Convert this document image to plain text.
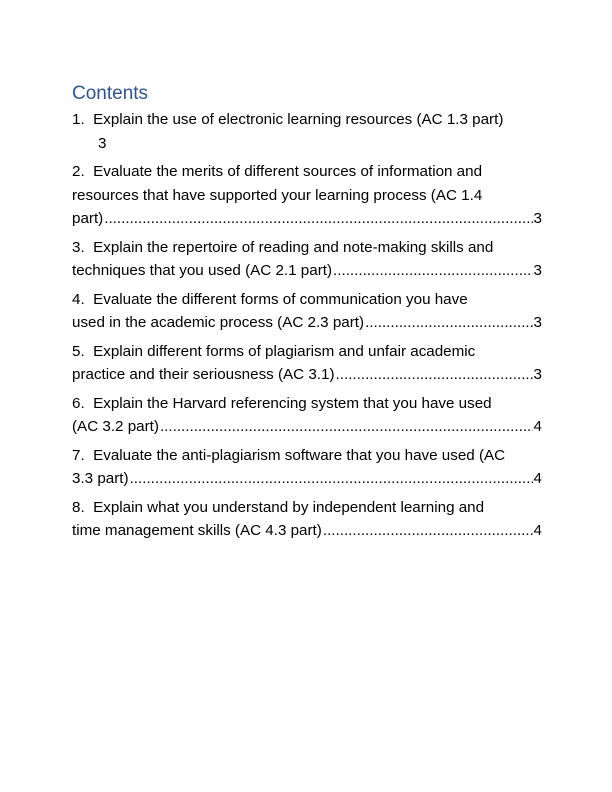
Contents
1. Explain the use of electronic learning resources (AC 1.3 part)
3
2. Evaluate the merits of different sources of information and
resources that have supported your learning process (AC 1.4
part) .....	3
3. Explain the repertoire of reading and note-making skills and
techniques that you used (AC 2.1 part) .....	3
4. Evaluate the different forms of communication you have
used in the academic process (AC 2.3 part) .....	3
5. Explain different forms of plagiarism and unfair academic
practice and their seriousness (AC 3.1) .....	3
6. Explain the Harvard referencing system that you have used
(AC 3.2 part) .....	4
7. Evaluate the anti-plagiarism software that you have used (AC
3.3 part) .....	4
8. Explain what you understand by independent learning and
time management skills (AC 4.3 part) .....	4
